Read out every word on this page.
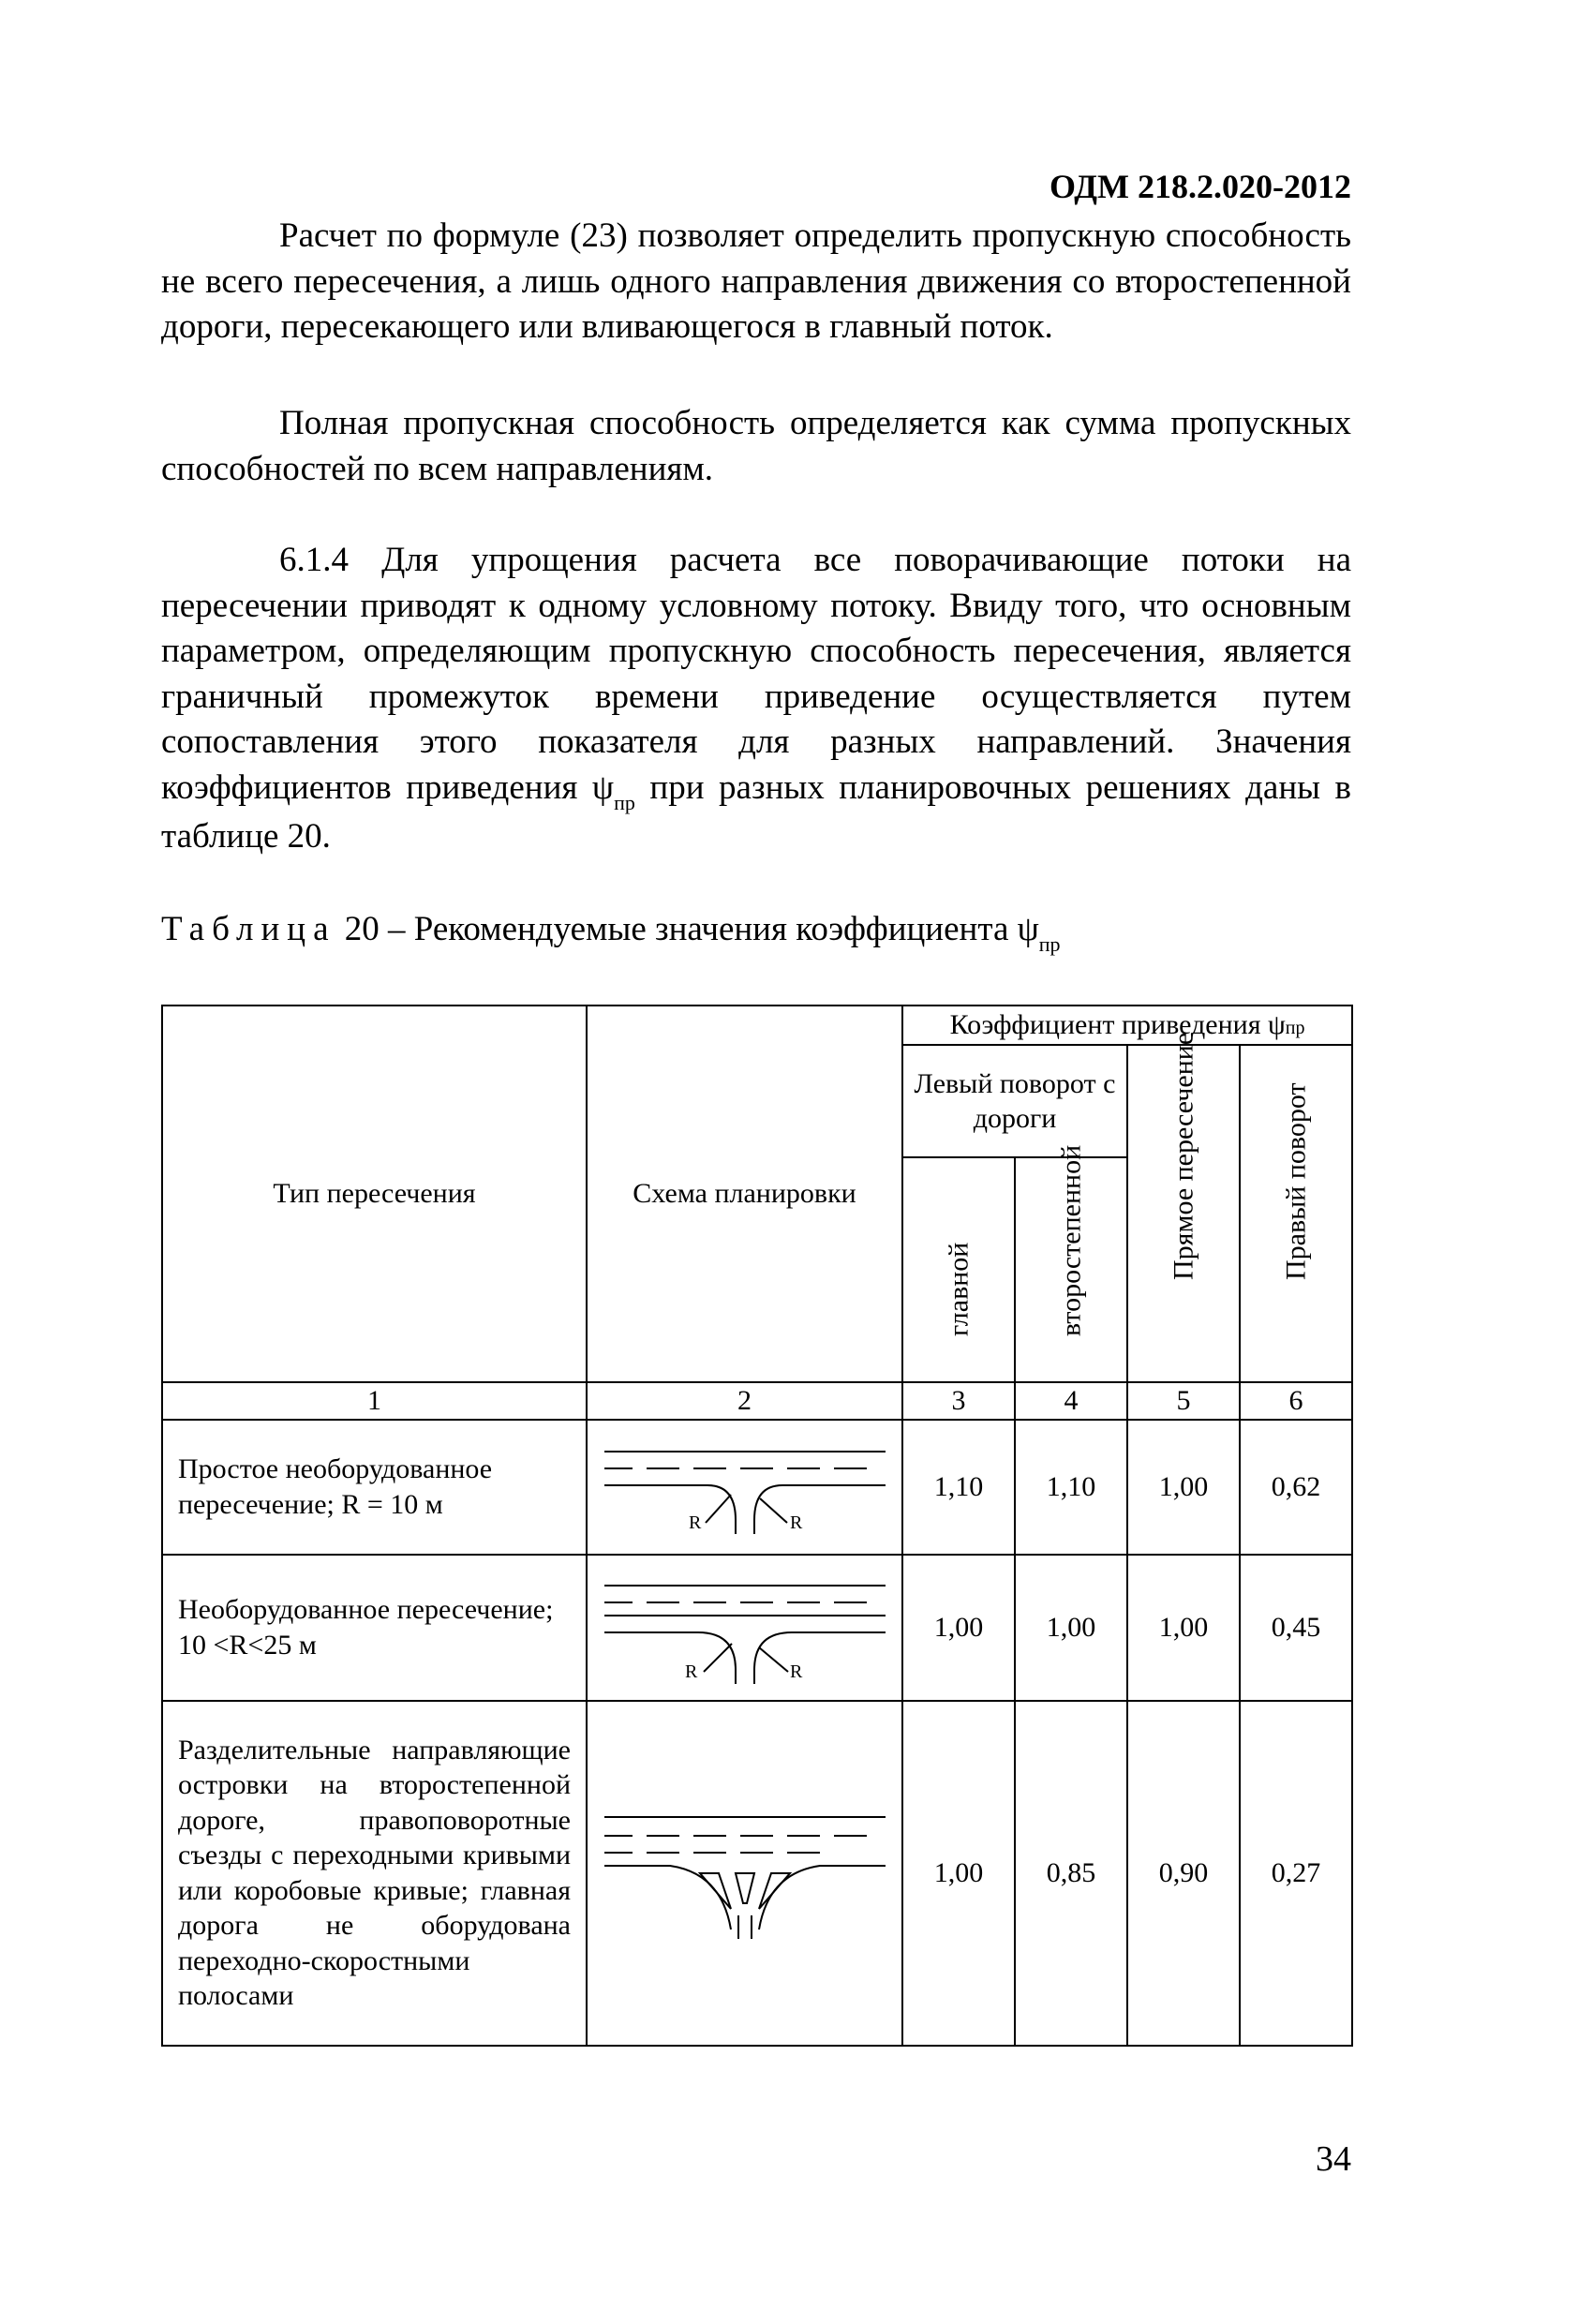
ОДМ 218.2.020-2012

Расчет по формуле (23) позволяет определить пропускную способность не всего пересечения, а лишь одного направления движения со второстепенной дороги, пересекающего или вливающегося в главный поток.

Полная пропускная способность определяется как сумма пропускных способностей по всем направлениям.

6.1.4 Для упрощения расчета все поворачивающие потоки на пересечении приводят к одному условному потоку. Ввиду того, что основным параметром, определяющим пропускную способность пересечения, является граничный промежуток времени приведение осуществляется путем сопоставления этого показателя для разных направлений. Значения коэффициентов приведения $\psi_{пр}$ при разных планировочных решениях даны в таблице 20.

Таблица 20 – Рекомендуемые значения коэффициента $\psi_{пр}$
Тип пересечения	Схема планировки	Коэффициент приведения ψпр			
		Левый поворот с дороги		Прямое пересечение	Правый поворот

		главной	второстепенной		

1	2	3	4	5	6
Простое необорудованное пересечение; R = 10 м	R R	1,10	1,10	1,00	0,62
Необорудованное пересечение; 10 <R<25 м	R R	1,00	1,00	1,00	0,45

Разделительные направляющие островки на второстепенной дороге, правоповоротные съезды с переходными кривыми или коробовые кривые; главная дорога не оборудована переходно-скоростными полосами		1,00	0,85	0,90	0,27
34
